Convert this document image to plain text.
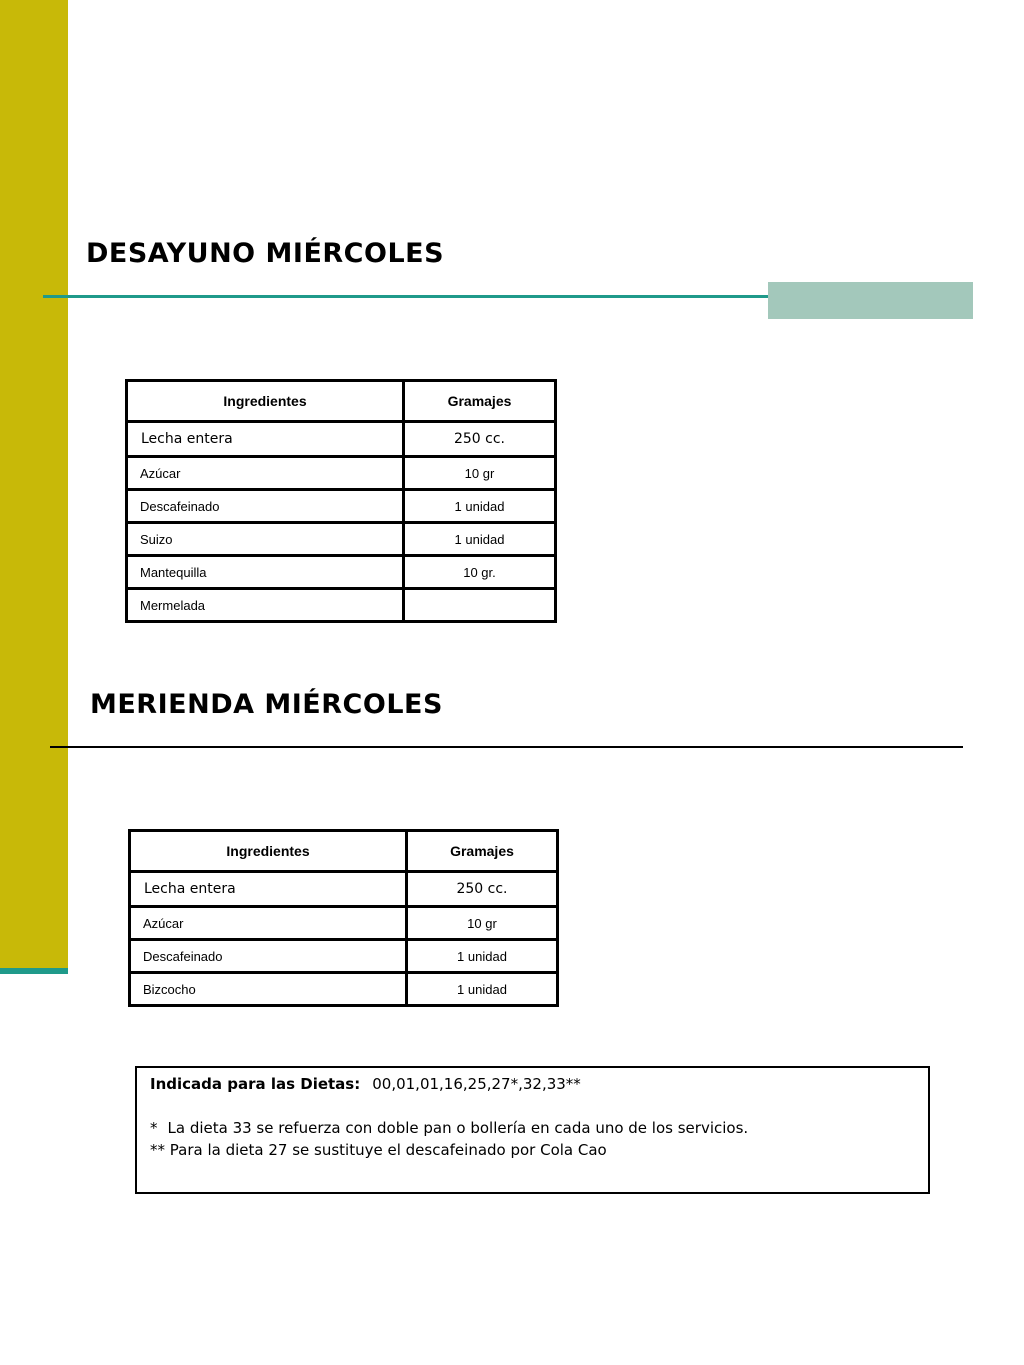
DESAYUNO MIÉRCOLES
Ingredientes	Gramajes
Lecha entera	250 cc.
Azúcar	10 gr
Descafeinado	1 unidad
Suizo	1 unidad
Mantequilla	10 gr.
Mermelada	
MERIENDA MIÉRCOLES
Ingredientes	Gramajes
Lecha entera	250 cc.
Azúcar	10 gr
Descafeinado	1 unidad
Bizcocho	1 unidad
Indicada para las Dietas: 00,01,01,16,25,27*,32,33**
* La dieta 33 se refuerza con doble pan o bollería en cada uno de los servicios.
** Para la dieta 27 se sustituye el descafeinado por Cola Cao
